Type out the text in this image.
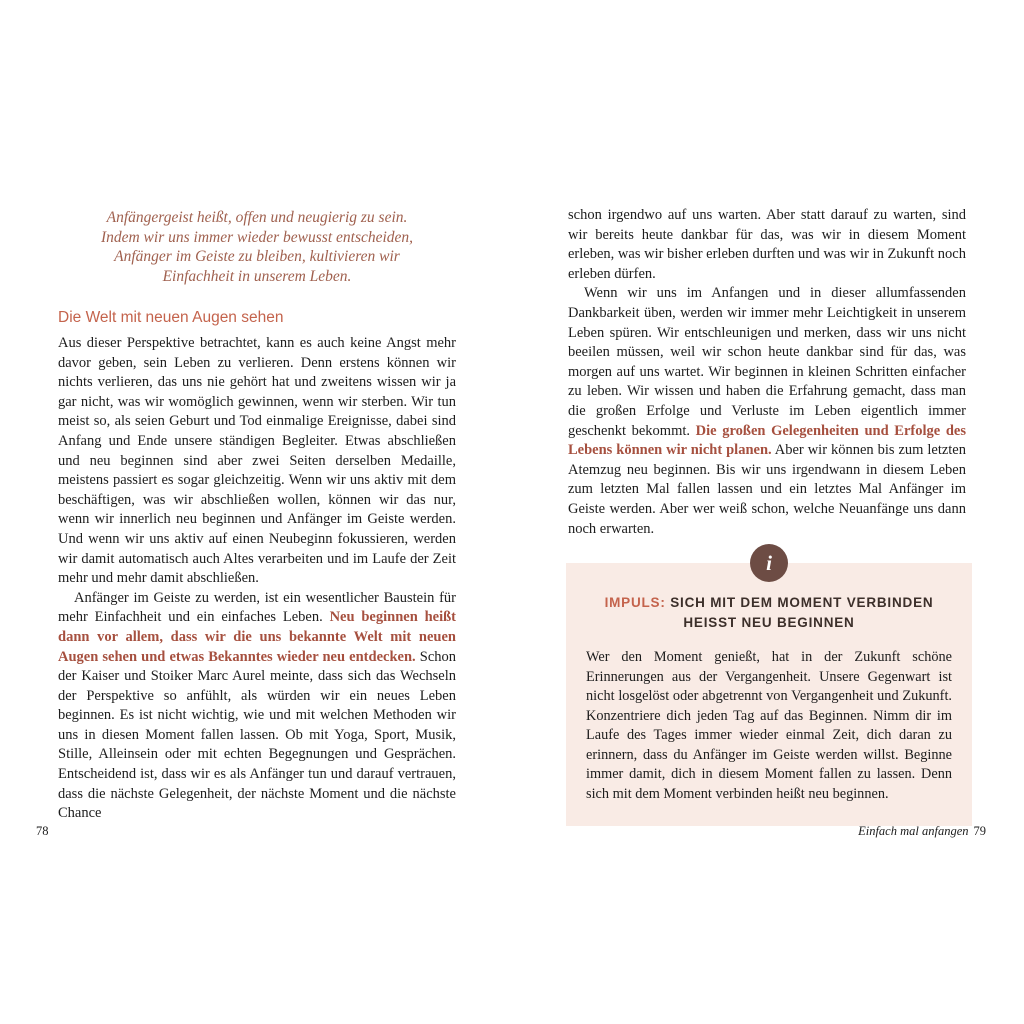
Anfängergeist heißt, offen und neugierig zu sein.
Indem wir uns immer wieder bewusst entscheiden,
Anfänger im Geiste zu bleiben, kultivieren wir
Einfachheit in unserem Leben.
Die Welt mit neuen Augen sehen

Aus dieser Perspektive betrachtet, kann es auch keine Angst mehr davor geben, sein Leben zu verlieren. Denn erstens können wir nichts verlieren, das uns nie gehört hat und zweitens wissen wir ja gar nicht, was wir womöglich gewinnen, wenn wir sterben. Wir tun meist so, als seien Geburt und Tod einmalige Ereignisse, dabei sind Anfang und Ende unsere ständigen Begleiter. Etwas abschließen und neu beginnen sind aber zwei Seiten derselben Medaille, meistens passiert es sogar gleichzeitig. Wenn wir uns aktiv mit dem beschäftigen, was wir abschließen wollen, können wir das nur, wenn wir innerlich neu beginnen und Anfänger im Geiste werden. Und wenn wir uns aktiv auf einen Neubeginn fokussieren, werden wir damit automatisch auch Altes verarbeiten und im Laufe der Zeit mehr und mehr damit abschließen.

Anfänger im Geiste zu werden, ist ein wesentlicher Baustein für mehr Einfachheit und ein einfaches Leben. Neu beginnen heißt dann vor allem, dass wir die uns bekannte Welt mit neuen Augen sehen und etwas Bekanntes wieder neu entdecken. Schon der Kaiser und Stoiker Marc Aurel meinte, dass sich das Wechseln der Perspektive so anfühlt, als würden wir ein neues Leben beginnen. Es ist nicht wichtig, wie und mit welchen Methoden wir uns in diesen Moment fallen lassen. Ob mit Yoga, Sport, Musik, Stille, Alleinsein oder mit echten Begegnungen und Gesprächen. Entscheidend ist, dass wir es als Anfänger tun und darauf vertrauen, dass die nächste Gelegenheit, der nächste Moment und die nächste Chance

schon irgendwo auf uns warten. Aber statt darauf zu warten, sind wir bereits heute dankbar für das, was wir in diesem Moment erleben, was wir bisher erleben durften und was wir in Zukunft noch erleben dürfen.

Wenn wir uns im Anfangen und in dieser allumfassenden Dankbarkeit üben, werden wir immer mehr Leichtigkeit in unserem Leben spüren. Wir entschleunigen und merken, dass wir uns nicht beeilen müssen, weil wir schon heute dankbar sind für das, was morgen auf uns wartet. Wir beginnen in kleinen Schritten einfacher zu leben. Wir wissen und haben die Erfahrung gemacht, dass man die großen Erfolge und Verluste im Leben eigentlich immer geschenkt bekommt. Die großen Gelegenheiten und Erfolge des Lebens können wir nicht planen. Aber wir können bis zum letzten Atemzug neu beginnen. Bis wir uns irgendwann in diesem Leben zum letzten Mal fallen lassen und ein letztes Mal Anfänger im Geiste werden. Aber wer weiß schon, welche Neuanfänge uns dann noch erwarten.

i
IMPULS: SICH MIT DEM MOMENT VERBINDEN HEISST NEU BEGINNEN

Wer den Moment genießt, hat in der Zukunft schöne Erinnerungen aus der Vergangenheit. Unsere Gegenwart ist nicht losgelöst oder abgetrennt von Vergangenheit und Zukunft. Konzentriere dich jeden Tag auf das Beginnen. Nimm dir im Laufe des Tages immer wieder einmal Zeit, dich daran zu erinnern, dass du Anfänger im Geiste werden willst. Beginne immer damit, dich in diesem Moment fallen zu lassen. Denn sich mit dem Moment verbinden heißt neu beginnen.

78	Einfach mal anfangen 79
